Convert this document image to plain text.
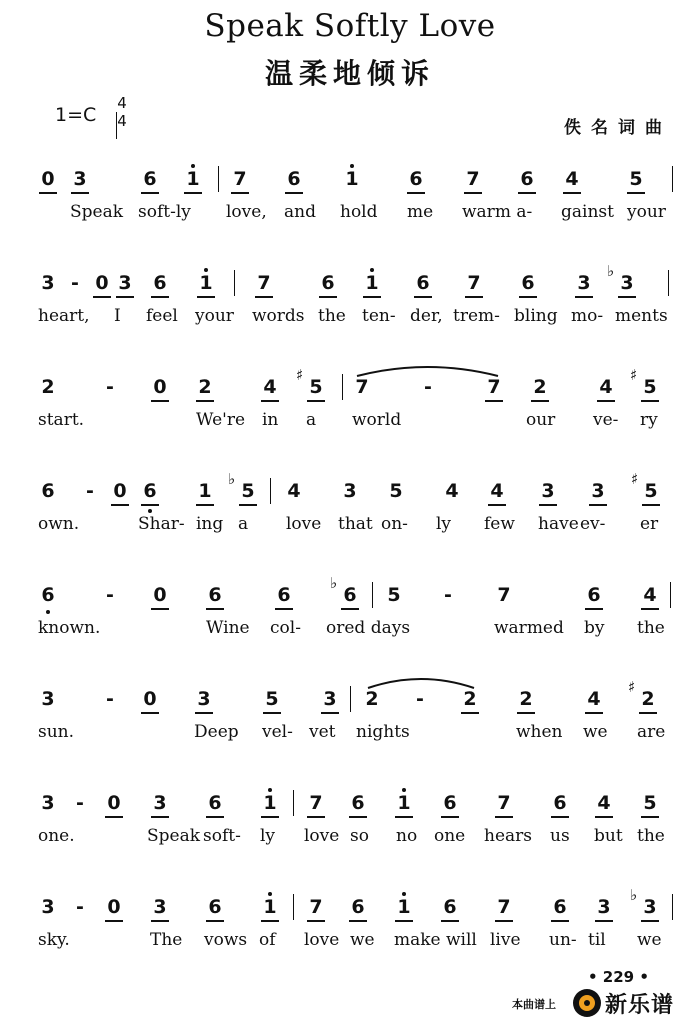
Speak Softly Love
温柔地倾诉
1=C
4
4	佚名词曲
0 3	6 1 7 6 1	6 7 6 4	5
Speak soft-ly love, and hold me warm a- gainst your
3 - 0 3 6 1 7	6 1 6 7 6 3 3
♭
heart, I feel your words the ten- der, trem- bling mo- ments
2	-	0 2	4 5
♯
7	-	7 2	4 5
♯
start.	We're in a world	our ve- ry
6	-	0 6 1 5
♭
4 3 5 4 4 3 3 5
♯
own.	Shar- ing a love that on- ly few have ev- er
6	-	0 6	6	6
♭
5	-	7	6 4
known.	Wine col- ored days	warmed by the
3	-	0 3	5 3 2	-	2 2	4 2
♯
sun.	Deep vel- vet nights	when we are
3	-	0 3 6 1 7 6 1 6 7 6 4 5
one.	Speak soft- ly love so no one hears us but the
3	-	0 3 6 1 7 6 1 6 7 6 3 3
♭
sky.	The vows of love we make will live un- til we
• 229 •
本曲谱上 新乐谱
